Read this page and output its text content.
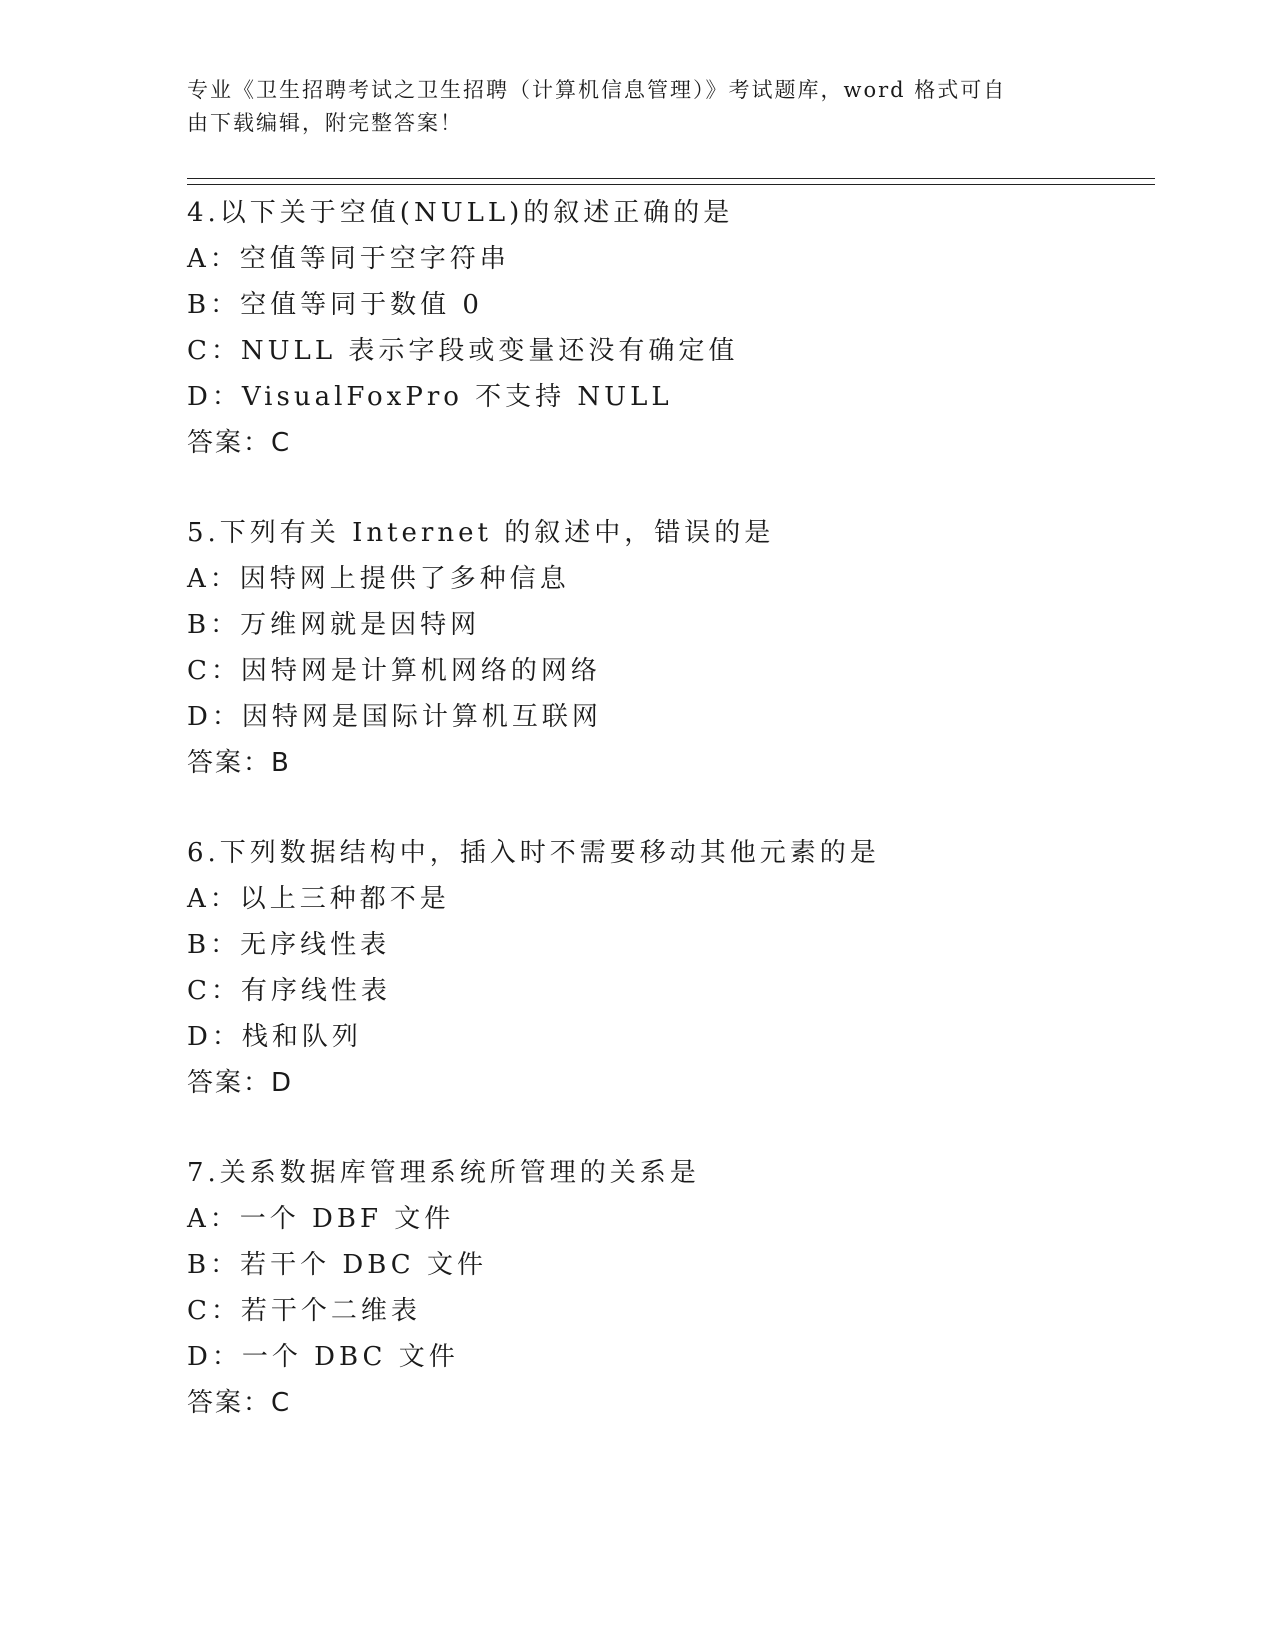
专业《卫生招聘考试之卫生招聘（计算机信息管理）》考试题库，word 格式可自
由下载编辑，附完整答案！
4.以下关于空值(NULL)的叙述正确的是
A：空值等同于空字符串
B：空值等同于数值 0
C：NULL 表示字段或变量还没有确定值
D：VisualFoxPro 不支持 NULL
答案：C
5.下列有关 Internet 的叙述中，错误的是
A：因特网上提供了多种信息
B：万维网就是因特网
C：因特网是计算机网络的网络
D：因特网是国际计算机互联网
答案：B
6.下列数据结构中，插入时不需要移动其他元素的是
A：以上三种都不是
B：无序线性表
C：有序线性表
D：栈和队列
答案：D
7.关系数据库管理系统所管理的关系是
A：一个 DBF 文件
B：若干个 DBC 文件
C：若干个二维表
D：一个 DBC 文件
答案：C
